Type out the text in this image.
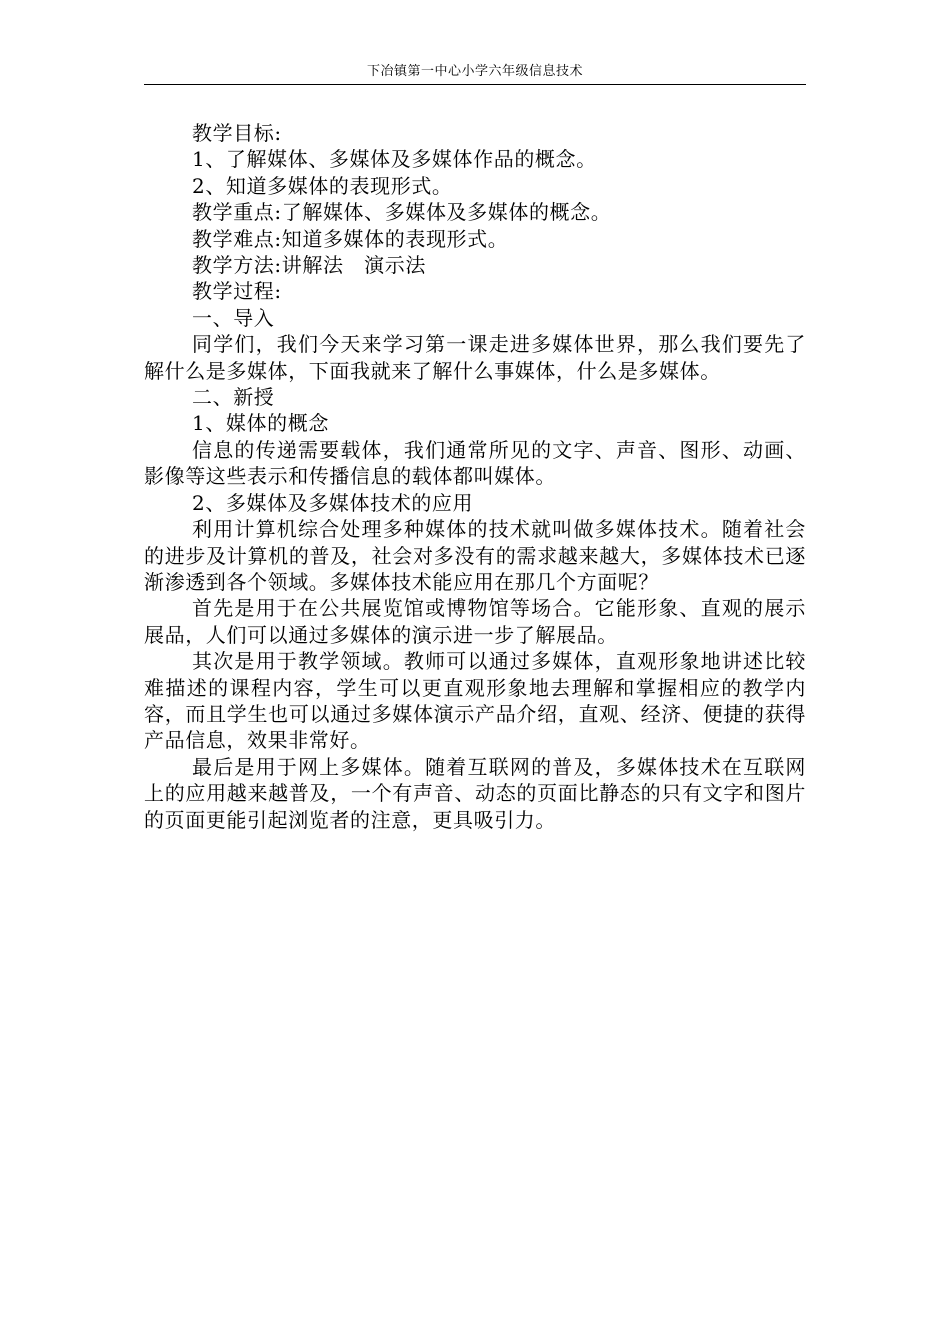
下冶镇第一中心小学六年级信息技术

教学目标:

1、了解媒体、多媒体及多媒体作品的概念。

2、知道多媒体的表现形式。

教学重点:了解媒体、多媒体及多媒体的概念。

教学难点:知道多媒体的表现形式。

教学方法:讲解法　演示法

教学过程:

一、导入

同学们，我们今天来学习第一课走进多媒体世界，那么我们要先了解什么是多媒体，下面我就来了解什么事媒体，什么是多媒体。

二、新授

1、媒体的概念

信息的传递需要载体，我们通常所见的文字、声音、图形、动画、影像等这些表示和传播信息的载体都叫媒体。

2、多媒体及多媒体技术的应用

利用计算机综合处理多种媒体的技术就叫做多媒体技术。随着社会的进步及计算机的普及，社会对多没有的需求越来越大，多媒体技术已逐渐渗透到各个领域。多媒体技术能应用在那几个方面呢？

首先是用于在公共展览馆或博物馆等场合。它能形象、直观的展示展品，人们可以通过多媒体的演示进一步了解展品。

其次是用于教学领域。教师可以通过多媒体，直观形象地讲述比较难描述的课程内容，学生可以更直观形象地去理解和掌握相应的教学内容，而且学生也可以通过多媒体演示产品介绍，直观、经济、便捷的获得产品信息，效果非常好。

最后是用于网上多媒体。随着互联网的普及，多媒体技术在互联网上的应用越来越普及，一个有声音、动态的页面比静态的只有文字和图片的页面更能引起浏览者的注意，更具吸引力。
